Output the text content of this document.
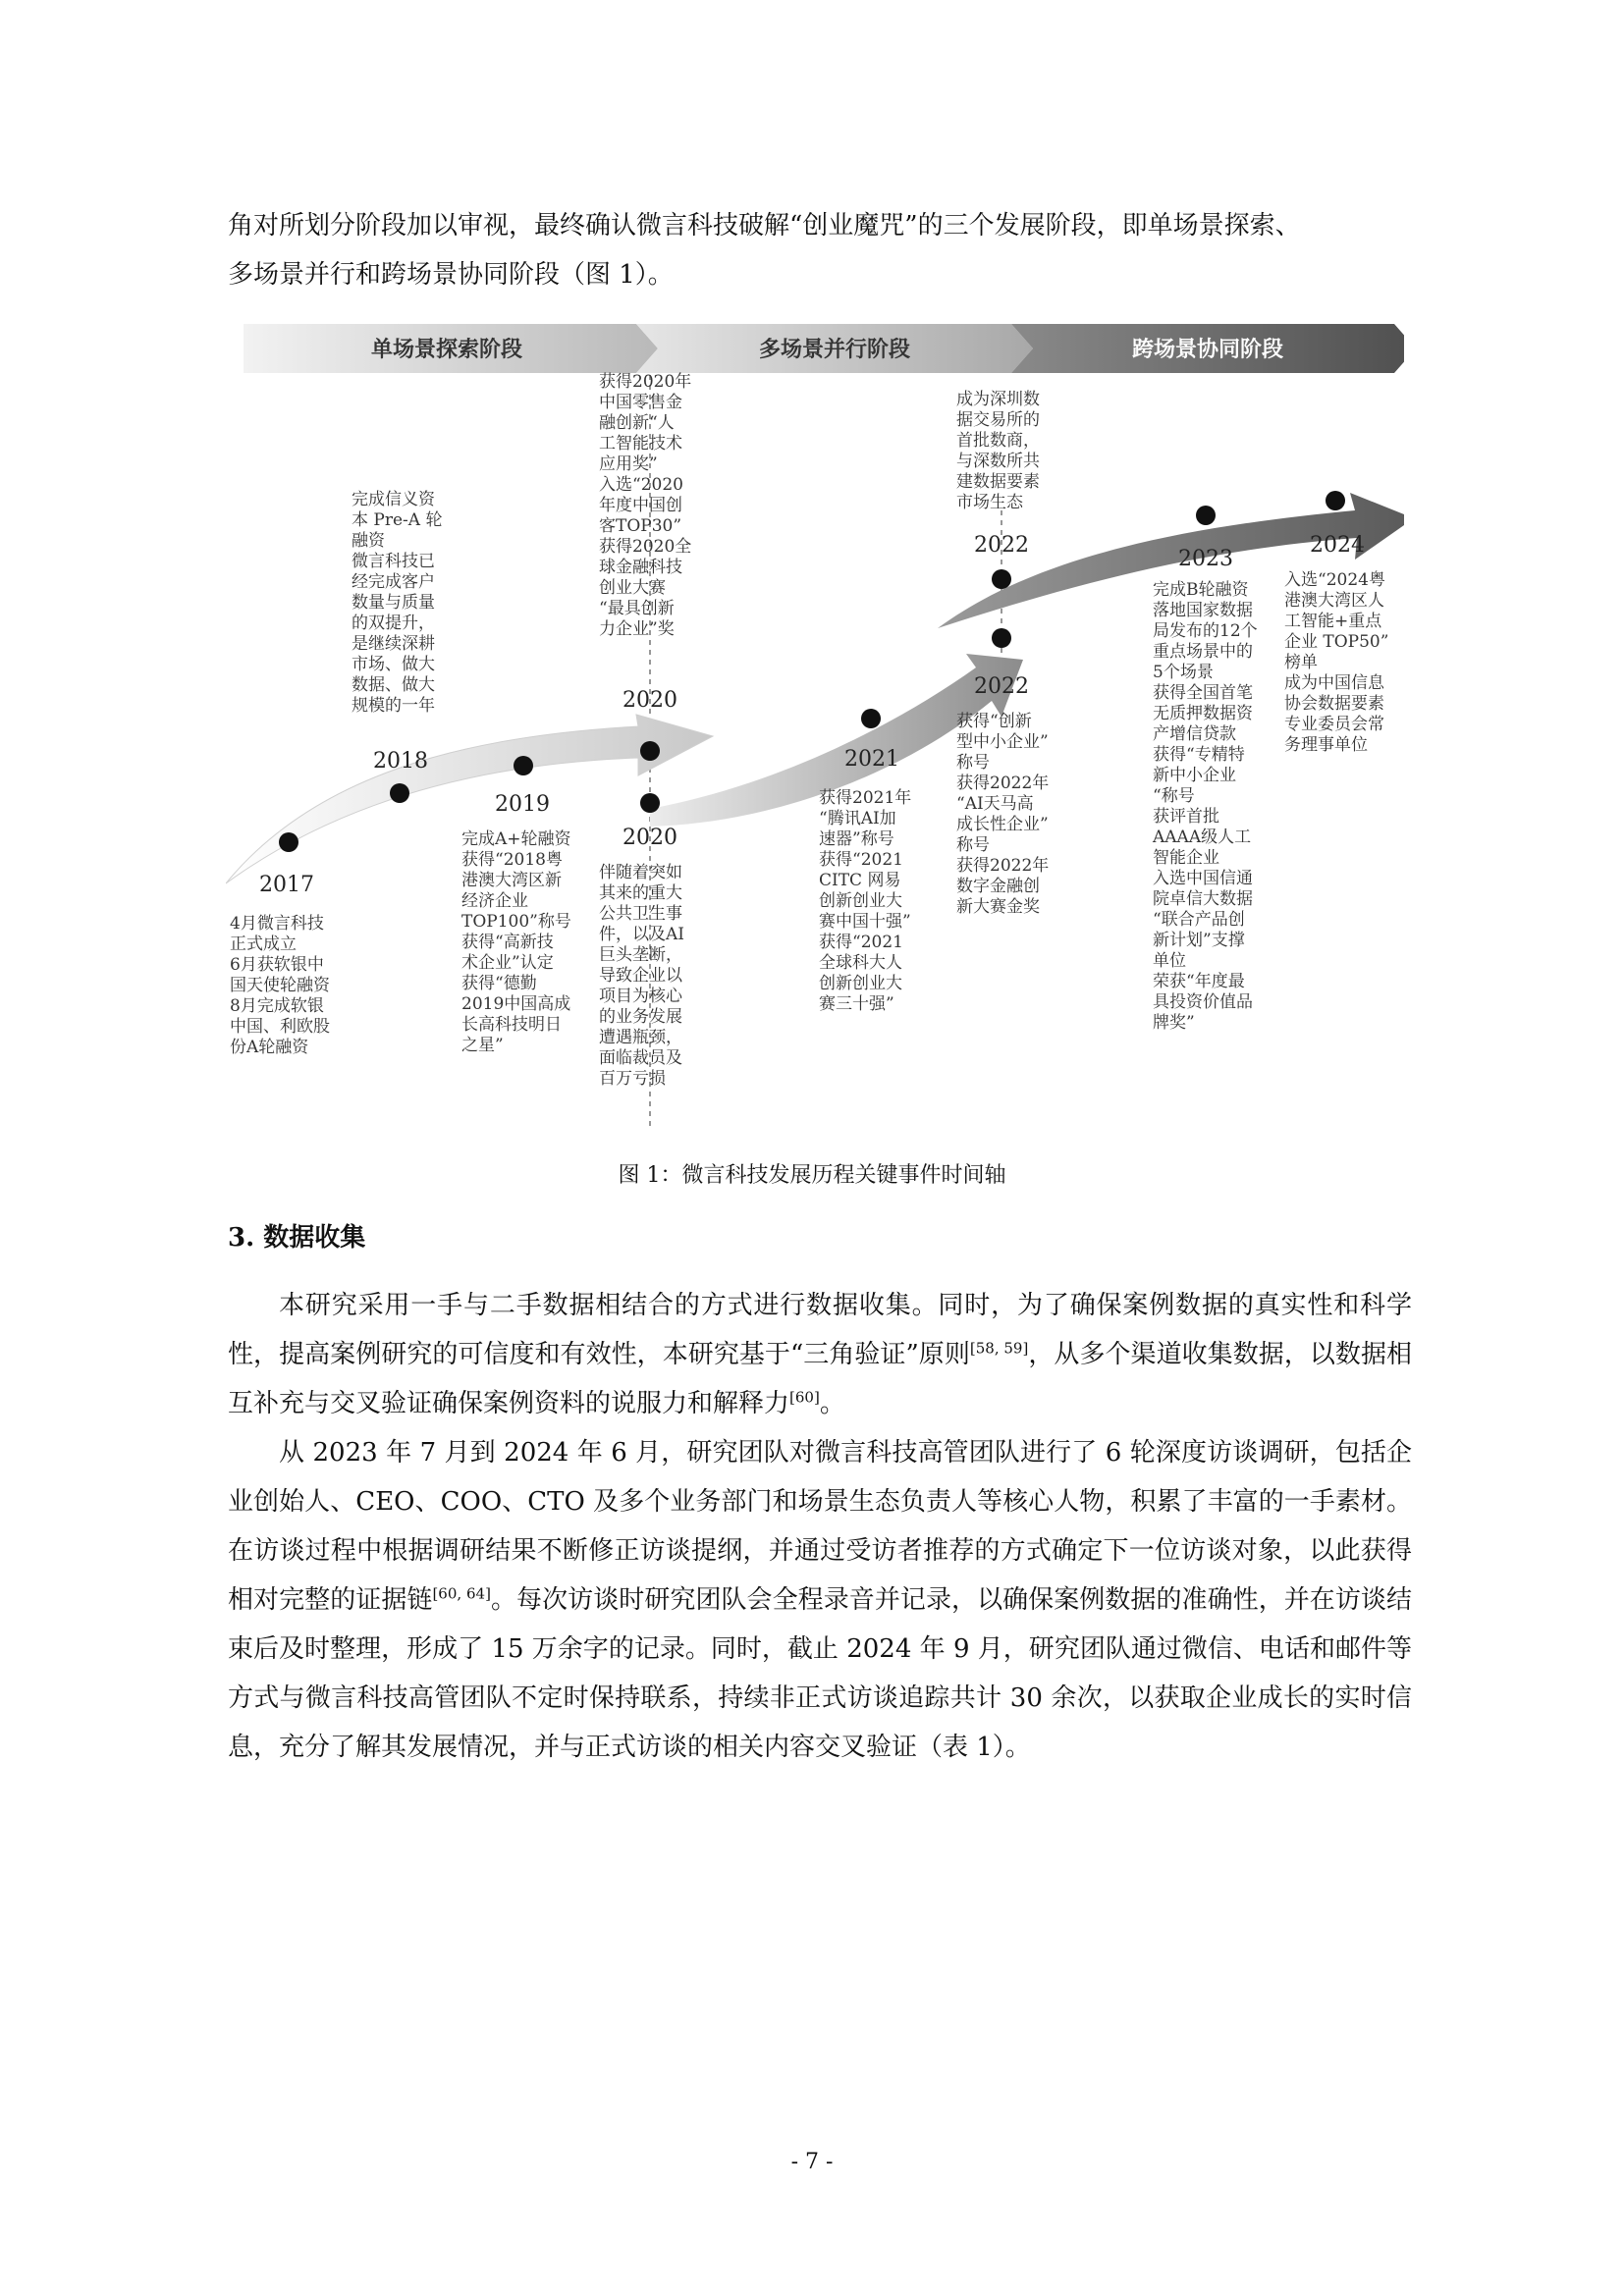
角对所划分阶段加以审视，最终确认微言科技破解“创业魔咒”的三个发展阶段，即单场景探索、
多场景并行和跨场景协同阶段（图 1）。

单场景探索阶段	多场景并行阶段	跨场景协同阶段
2017
2018
2019
2020
2020
2021
2022
2022
2023
2024
4月微言科技正式成立 6月获软银中国天使轮融资 8月完成软银中国、利欧股份A轮融资
完成信义资本 Pre-A 轮融资微言科技已经完成客户数量与质量的双提升，是继续深耕市场、做大数据、做大规模的一年
完成A+轮融资获得“2018粤港澳大湾区新经济企业 TOP100”称号获得“高新技术企业”认定获得“德勤 2019中国高成长高科技明日之星”
获得2020年中国零售金融创新“人工智能技术应用奖”入选“2020 年度中国创客TOP30”获得2020全球金融科技创业大赛“最具创新力企业”奖
伴随着突如其来的重大公共卫生事件，以及AI 巨头垄断，导致企业以项目为核心的业务发展遭遇瓶颈，面临裁员及百万亏损
获得2021年“腾讯AI加速器”称号获得“2021 CITC 网易创新创业大赛中国十强”获得“2021 全球科大人创新创业大赛三十强”
成为深圳数据交易所的首批数商，与深数所共建数据要素市场生态
获得“创新型中小企业”称号获得2022年“AI天马高成长性企业”称号获得2022年数字金融创新大赛金奖
完成B轮融资落地国家数据局发布的12个重点场景中的 5个场景获得全国首笔无质押数据资产增信贷款获得“专精特新中小企业“称号获评首批 AAAA级人工智能企业入选中国信通院卓信大数据“联合产品创新计划”支撑单位荣获“年度最具投资价值品牌奖”
入选“2024粤港澳大湾区人工智能+重点企业 TOP50”榜单成为中国信息协会数据要素专业委员会常务理事单位
图 1：微言科技发展历程关键事件时间轴
3. 数据收集

本研究采用一手与二手数据相结合的方式进行数据收集。同时，为了确保案例数据的真实性和科学性，提高案例研究的可信度和有效性，本研究基于“三角验证”原则[58, 59]，从多个渠道收集数据，以数据相互补充与交叉验证确保案例资料的说服力和解释力[60]。

从 2023 年 7 月到 2024 年 6 月，研究团队对微言科技高管团队进行了 6 轮深度访谈调研，包括企业创始人、CEO、COO、CTO 及多个业务部门和场景生态负责人等核心人物，积累了丰富的一手素材。在访谈过程中根据调研结果不断修正访谈提纲，并通过受访者推荐的方式确定下一位访谈对象，以此获得相对完整的证据链[60, 64]。每次访谈时研究团队会全程录音并记录，以确保案例数据的准确性，并在访谈结束后及时整理，形成了 15 万余字的记录。同时，截止 2024 年 9 月，研究团队通过微信、电话和邮件等方式与微言科技高管团队不定时保持联系，持续非正式访谈追踪共计 30 余次，以获取企业成长的实时信息，充分了解其发展情况，并与正式访谈的相关内容交叉验证（表 1）。

- 7 -
